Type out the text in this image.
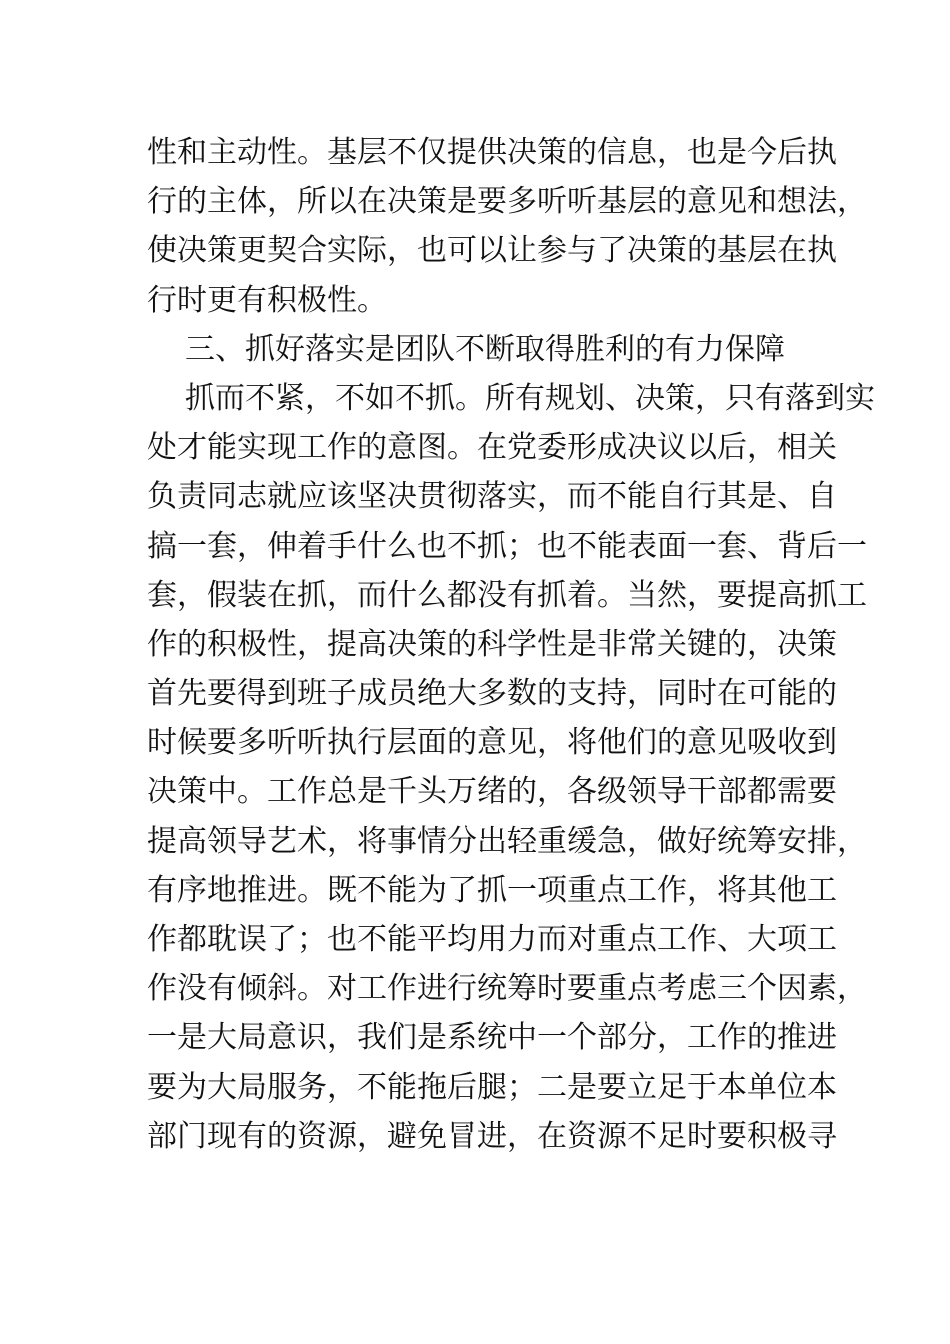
性和主动性。基层不仅提供决策的信息，也是今后执
行的主体，所以在决策是要多听听基层的意见和想法，
使决策更契合实际，也可以让参与了决策的基层在执
行时更有积极性。
三、抓好落实是团队不断取得胜利的有力保障
抓而不紧，不如不抓。所有规划、决策，只有落到实
处才能实现工作的意图。在党委形成决议以后，相关
负责同志就应该坚决贯彻落实，而不能自行其是、自
搞一套，伸着手什么也不抓；也不能表面一套、背后一
套，假装在抓，而什么都没有抓着。当然，要提高抓工
作的积极性，提高决策的科学性是非常关键的，决策
首先要得到班子成员绝大多数的支持，同时在可能的
时候要多听听执行层面的意见，将他们的意见吸收到
决策中。工作总是千头万绪的，各级领导干部都需要
提高领导艺术，将事情分出轻重缓急，做好统筹安排，
有序地推进。既不能为了抓一项重点工作，将其他工
作都耽误了；也不能平均用力而对重点工作、大项工
作没有倾斜。对工作进行统筹时要重点考虑三个因素，
一是大局意识，我们是系统中一个部分，工作的推进
要为大局服务，不能拖后腿；二是要立足于本单位本
部门现有的资源，避免冒进，在资源不足时要积极寻
